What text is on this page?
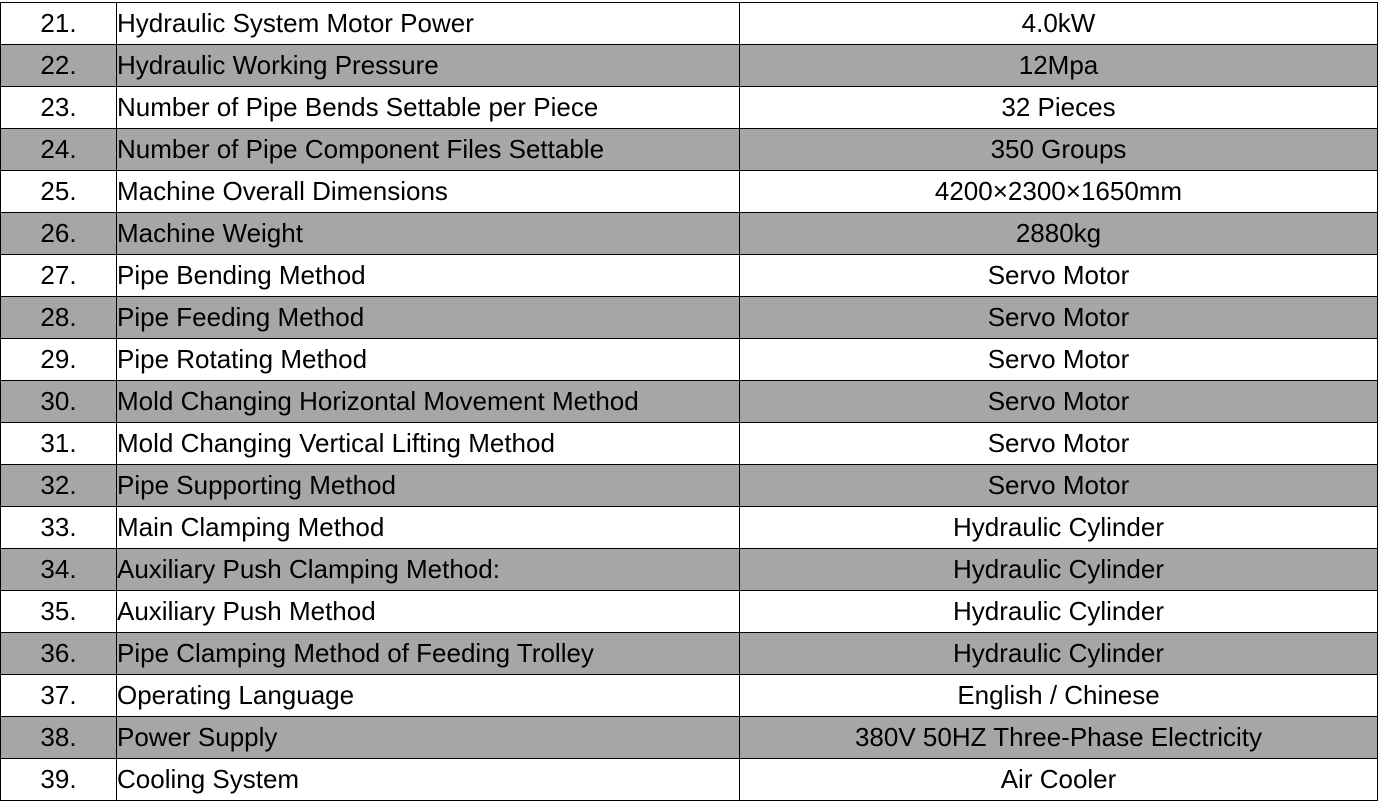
21.	Hydraulic System Motor Power	4.0kW
22.	Hydraulic Working Pressure	12Mpa
23.	Number of Pipe Bends Settable per Piece	32 Pieces
24.	Number of Pipe Component Files Settable	350 Groups
25.	Machine Overall Dimensions	4200×2300×1650mm
26.	Machine Weight	2880kg
27.	Pipe Bending Method	Servo Motor
28.	Pipe Feeding Method	Servo Motor
29.	Pipe Rotating Method	Servo Motor
30.	Mold Changing Horizontal Movement Method	Servo Motor
31.	Mold Changing Vertical Lifting Method	Servo Motor
32.	Pipe Supporting Method	Servo Motor
33.	Main Clamping Method	Hydraulic Cylinder
34.	Auxiliary Push Clamping Method:	Hydraulic Cylinder
35.	Auxiliary Push Method	Hydraulic Cylinder
36.	Pipe Clamping Method of Feeding Trolley	Hydraulic Cylinder
37.	Operating Language	English / Chinese
38.	Power Supply	380V 50HZ Three-Phase Electricity
39.	Cooling System	Air Cooler
